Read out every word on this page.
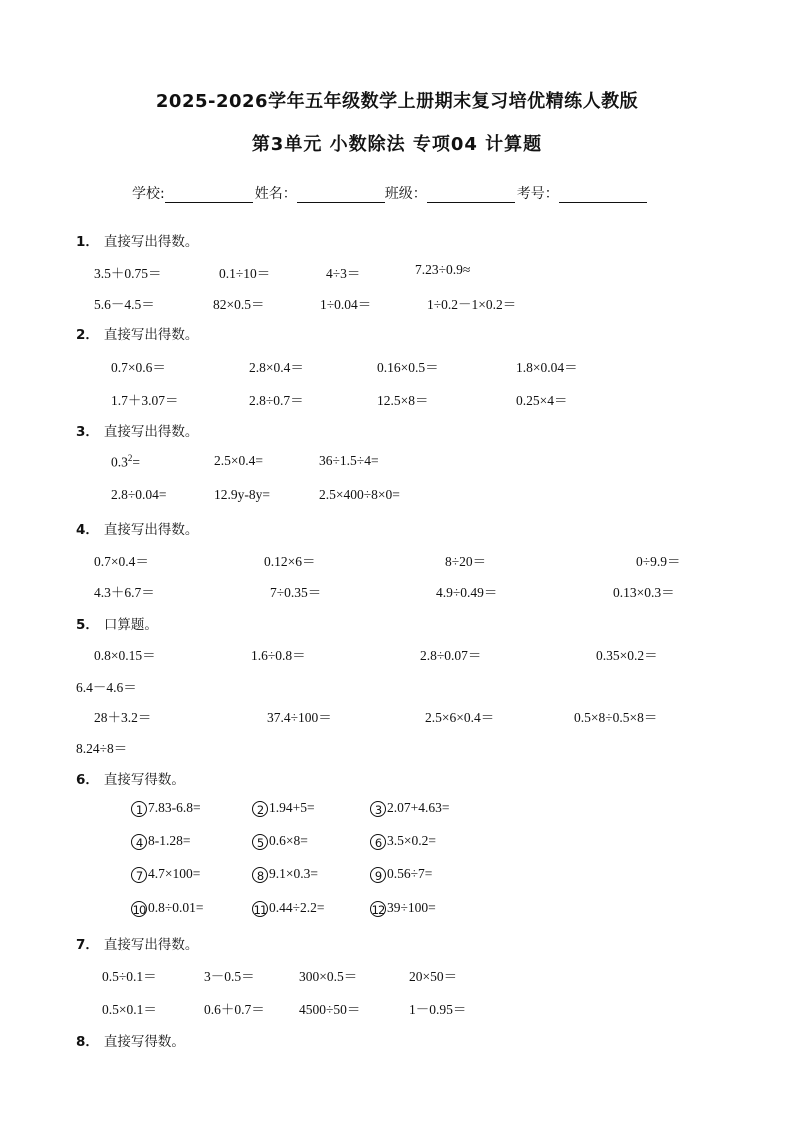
2025-2026学年五年级数学上册期末复习培优精练人教版
第3单元 小数除法 专项04 计算题
学校:	姓名：	班级：	考号：
1． 直接写出得数。
3.5＋0.75＝	0.1÷10＝	4÷3＝	7.23÷0.9≈
5.6－4.5＝	82×0.5＝	1÷0.04＝	1÷0.2－1×0.2＝
2． 直接写出得数。
0.7×0.6＝	2.8×0.4＝	0.16×0.5＝	1.8×0.04＝
1.7＋3.07＝	2.8÷0.7＝	12.5×8＝	0.25×4＝
3． 直接写出得数。
$0.3^2=$	2.5×0.4=	36÷1.5÷4=
2.8÷0.04=	12.9y-8y=	2.5×400÷8×0=
4． 直接写出得数。
0.7×0.4＝	0.12×6＝	8÷20＝	0÷9.9＝
4.3＋6.7＝	7÷0.35＝	4.9÷0.49＝	0.13×0.3＝
5． 口算题。
0.8×0.15＝	1.6÷0.8＝	2.8÷0.07＝	0.35×0.2＝
6.4－4.6＝
28＋3.2＝	37.4÷100＝	2.5×6×0.4＝	0.5×8÷0.5×8＝
8.24÷8＝
6． 直接写得数。
1 7.83-6.8=	2 1.94+5=	3 2.07+4.63=
4 8-1.28=	5 0.6×8=	6 3.5×0.2=
7 4.7×100=	8 9.1×0.3=	9 0.56÷7=
10 0.8÷0.01=	11 0.44÷2.2=	12 39÷100=
7． 直接写出得数。
0.5÷0.1＝	3－0.5＝	300×0.5＝	20×50＝
0.5×0.1＝	0.6＋0.7＝	4500÷50＝	1－0.95＝
8． 直接写得数。
